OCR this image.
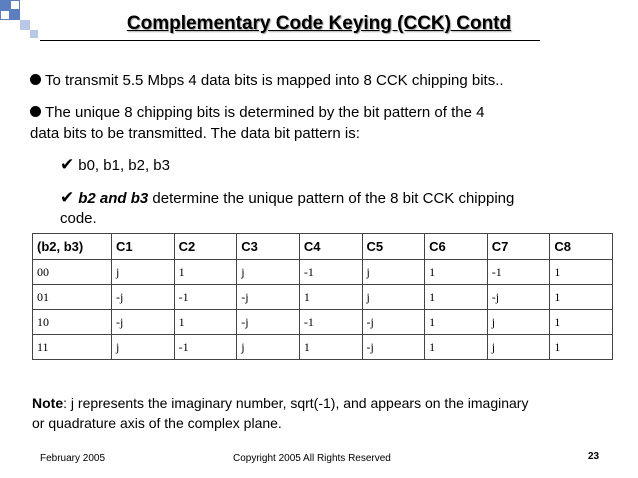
Complementary Code Keying (CCK) Contd
To transmit 5.5 Mbps 4 data bits is mapped into 8 CCK chipping bits..
The unique 8 chipping bits is determined by the bit pattern of the 4
data bits to be transmitted. The data bit pattern is:
✔ b0, b1, b2, b3
✔ b2 and b3 determine the unique pattern of the 8 bit CCK chipping
code.
(b2, b3)	C1	C2	C3	C4	C5	C6	C7	C8
00	j	1	j	-1	j	1	-1	1
01	-j	-1	-j	1	j	1	-j	1
10	-j	1	-j	-1	-j	1	j	1
11	j	-1	j	1	-j	1	j	1
Note: j represents the imaginary number, sqrt(-1), and appears on the imaginary
or quadrature axis of the complex plane.
February 2005	Copyright 2005 All Rights Reserved	23
